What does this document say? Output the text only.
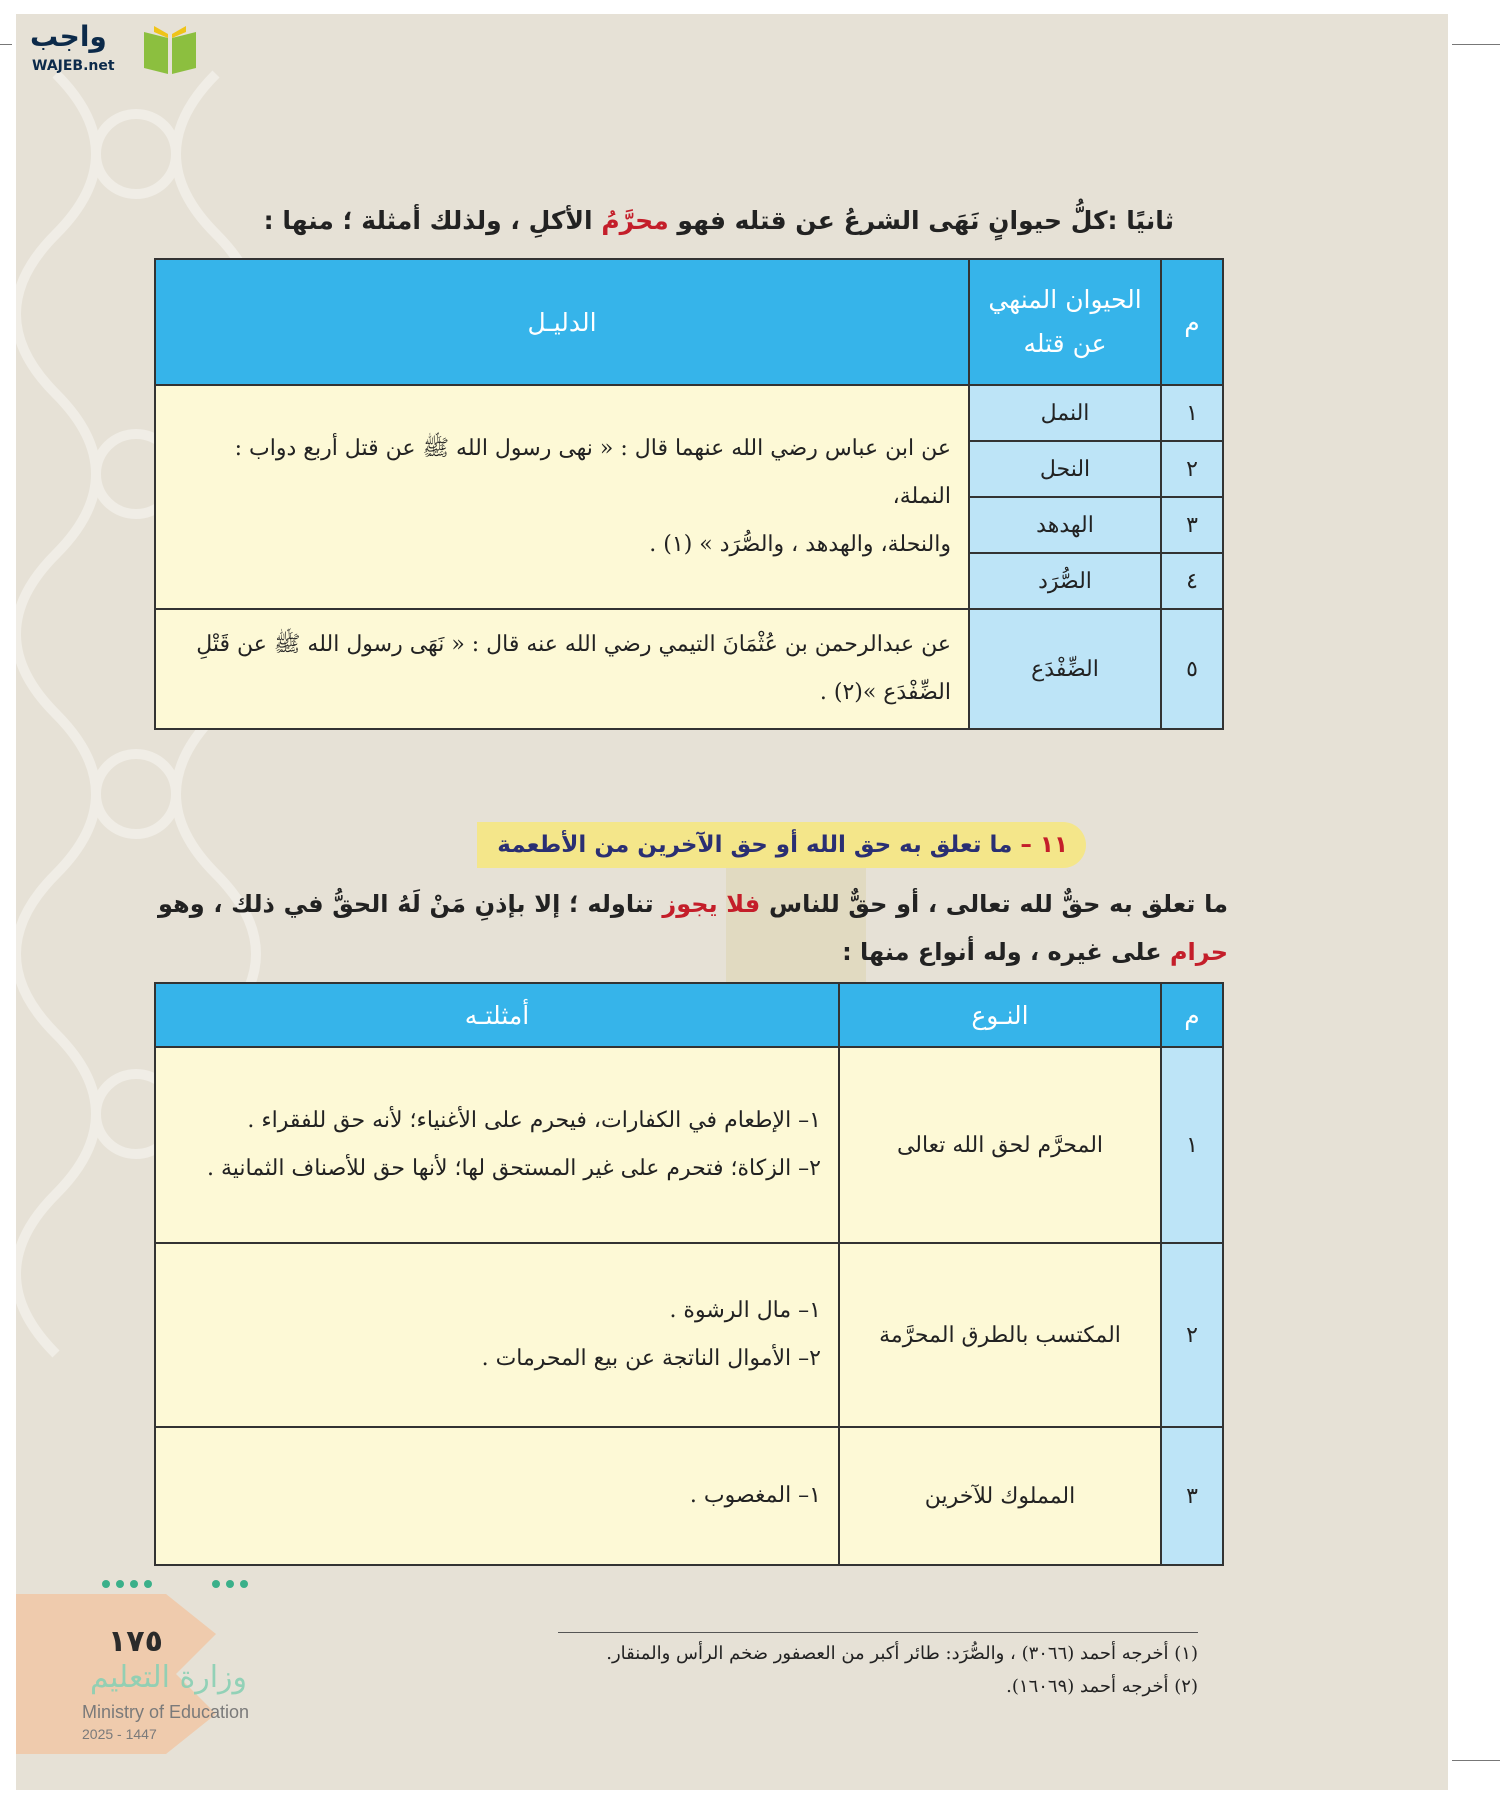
واجب
WAJEB.net
ثانيًا :كلُّ حيوانٍ نَهَى الشرعُ عن قتله فهو محرَّمُ الأكلِ ، ولذلك أمثلة ؛ منها :
م	الحيوان المنهي عن قتله	الدليـل
١	النمل	عن ابن عباس رضي الله عنهما قال : « نهى رسول الله ﷺ عن قتل أربع دواب : النملة،

والنحلة، والهدهد ، والصُّرَد » (١) .

٢	النحل	
٣	الهدهد	
٤	الصُّرَد	
٥	الضِّفْدَع	عن عبدالرحمن بن عُثْمَانَ التيمي رضي الله عنه قال : « نَهَى رسول الله ﷺ عن قَتْلِ

الضِّفْدَع »(٢) .

١١ – ما تعلق به حق الله أو حق الآخرين من الأطعمة
ما تعلق به حقٌّ لله تعالى ، أو حقٌّ للناس فلا يجوز تناوله ؛ إلا بإذنِ مَنْ لَهُ الحقُّ في ذلك ، وهو حرام على غيره ، وله أنواع منها :
م	النـوع	أمثلتـه
١	المحرَّم لحق الله تعالى	١– الإطعام في الكفارات، فيحرم على الأغنياء؛ لأنه حق للفقراء .

٢– الزكاة؛ فتحرم على غير المستحق لها؛ لأنها حق للأصناف الثمانية .

٢	المكتسب بالطرق المحرَّمة	١– مال الرشوة .

٢– الأموال الناتجة عن بيع المحرمات .

٣	المملوك للآخرين	١– المغصوب .

(١) أخرجه أحمد (٣٠٦٦) ، والصُّرَد: طائر أكبر من العصفور ضخم الرأس والمنقار.
(٢) أخرجه أحمد (١٦٠٦٩).
١٧٥
وزارة التعليم
Ministry of Education
2025 - 1447
